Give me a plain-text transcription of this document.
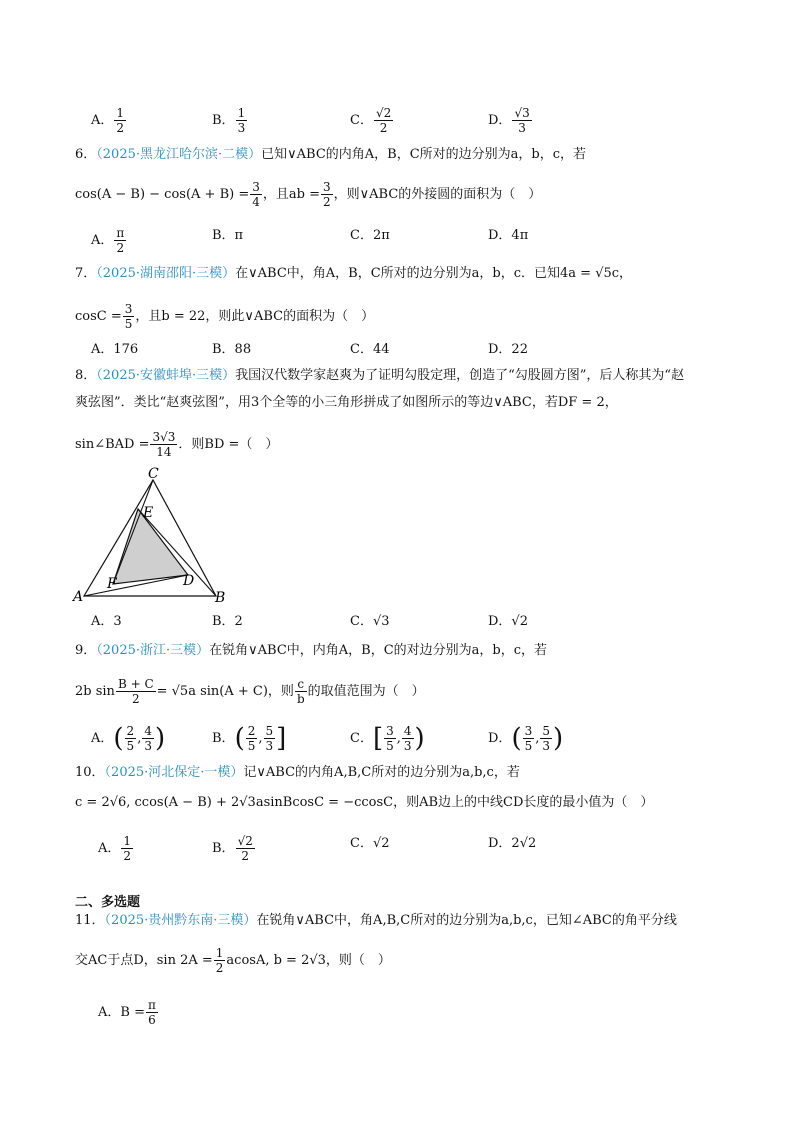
A． $\frac{1}{2}$	B． $\frac{1}{3}$	C． $\frac{√2}{2}$	D． $\frac{√3}{3}$
6．（2025·黑龙江哈尔滨·二模）已知∨ABC的内角A，B，C所对的边分别为a，b，c，若
$\cos(A - B) - \cos(A + B) = \frac{3}{4}$ ，且ab = $\frac{3}{2}$ ，则∨ABC的外接圆的面积为（　）
A． $\frac{\pi}{2}$	B．π	C．2π	D．4π
7．（2025·湖南邵阳·三模）在∨ABC中，角A，B，C所对的边分别为a，b，c．已知4a = √5c，
$\cos C = \frac{3}{5}$ ，且b = 22，则此∨ABC的面积为（　）
A．176	B．88	C．44	D．22
8．（2025·安徽蚌埠·三模）我国汉代数学家赵爽为了证明勾股定理，创造了“勾股圆方图”，后人称其为“赵
爽弦图”．类比“赵爽弦图”，用3个全等的小三角形拼成了如图所示的等边∨ABC，若DF = 2，
sin∠BAD = $\frac{3√3}{14}$ ．则BD =（　）
A	B
C
D
E
F
A．3	B．2	C．√3	D．√2
9．（2025·浙江·三模）在锐角∨ABC中，内角A，B，C的对边分别为a，b，c，若
2b $\sin \frac{B + C}{2} = √5a$ sin(A + C)，则 $\frac{c}{b}$ 的取值范围为（　）
A．( $\frac{2}{5}$ , $\frac{4}{3}$ )	B．( $\frac{2}{5}$ , $\frac{5}{3}$ ]	C．[ $\frac{3}{5}$ , $\frac{4}{3}$ )	D．( $\frac{3}{5}$ , $\frac{5}{3}$ )
10．（2025·河北保定·一模）记∨ABC的内角A,B,C所对的边分别为a,b,c，若
c = 2√6, ccos(A − B) + 2√3asinBcosC = −ccosC，则AB边上的中线CD长度的最小值为（　）
A． $\frac{1}{2}$	B． $\frac{√2}{2}$	C．√2	D．2√2
二、多选题
11．（2025·贵州黔东南·三模）在锐角∨ABC中，角A,B,C所对的边分别为a,b,c，已知∠ABC的角平分线
交AC于点D，$\sin 2A = \frac{1}{2} acosA$, b = 2√3，则（　）
A．$B = \frac{\pi}{6}$
